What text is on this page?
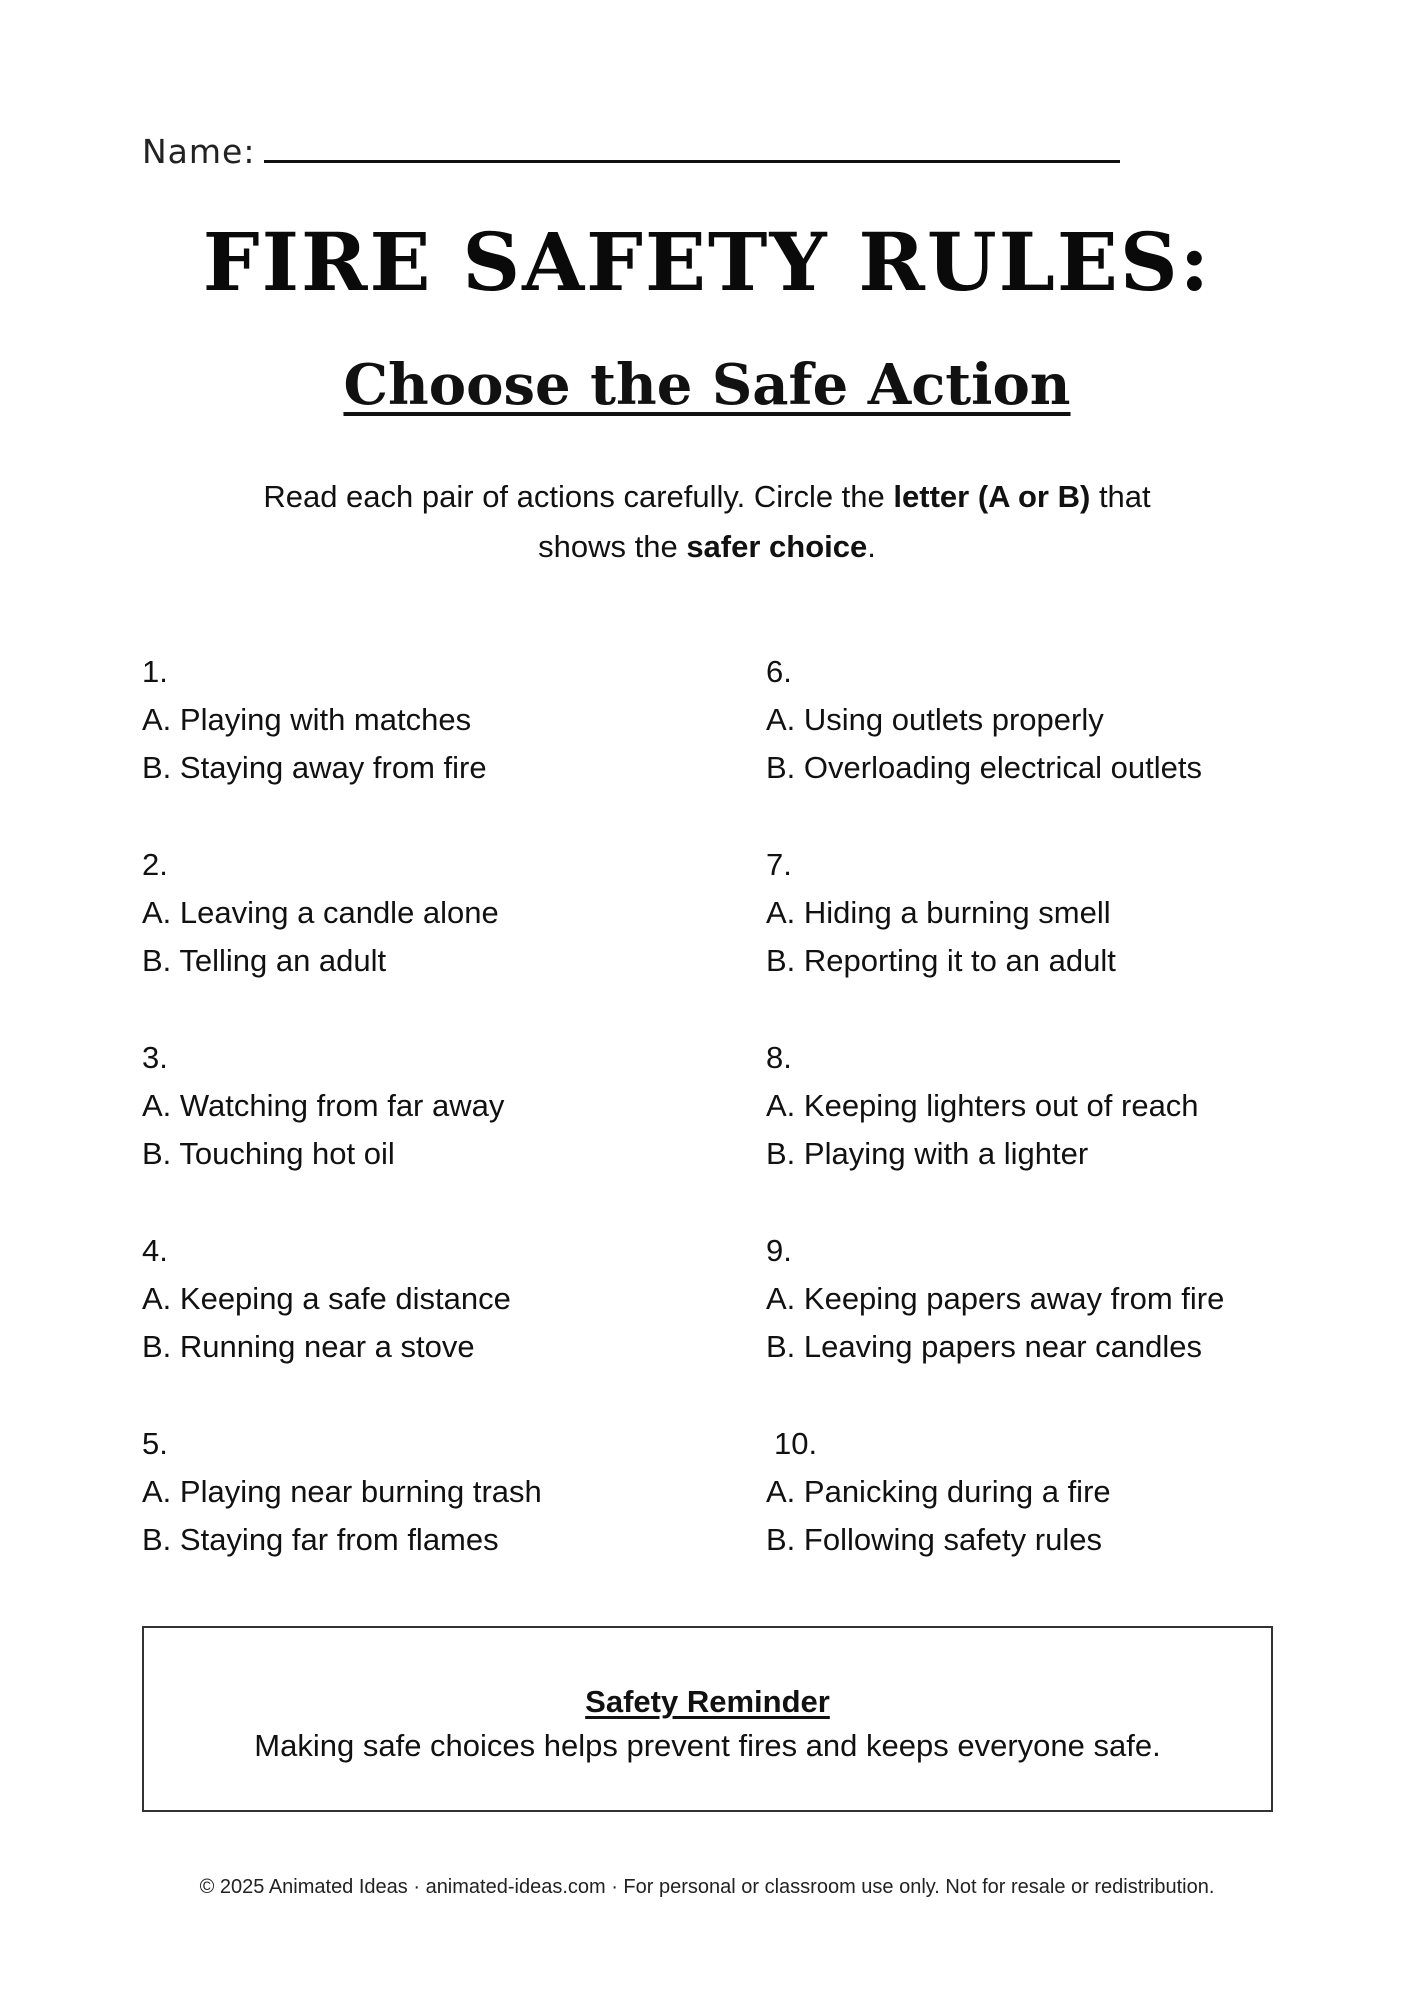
Name:
FIRE SAFETY RULES:
Choose the Safe Action
Read each pair of actions carefully. Circle the letter (A or B) that
shows the safer choice.
1.
A. Playing with matches
B. Staying away from fire
2.
A. Leaving a candle alone
B. Telling an adult
3.
A. Watching from far away
B. Touching hot oil
4.
A. Keeping a safe distance
B. Running near a stove
5.
A. Playing near burning trash
B. Staying far from flames
6.
A. Using outlets properly
B. Overloading electrical outlets
7.
A. Hiding a burning smell
B. Reporting it to an adult
8.
A. Keeping lighters out of reach
B. Playing with a lighter
9.
A. Keeping papers away from fire
B. Leaving papers near candles
10.
A. Panicking during a fire
B. Following safety rules
Safety Reminder
Making safe choices helps prevent fires and keeps everyone safe.
© 2025 Animated Ideas · animated-ideas.com · For personal or classroom use only. Not for resale or redistribution.
